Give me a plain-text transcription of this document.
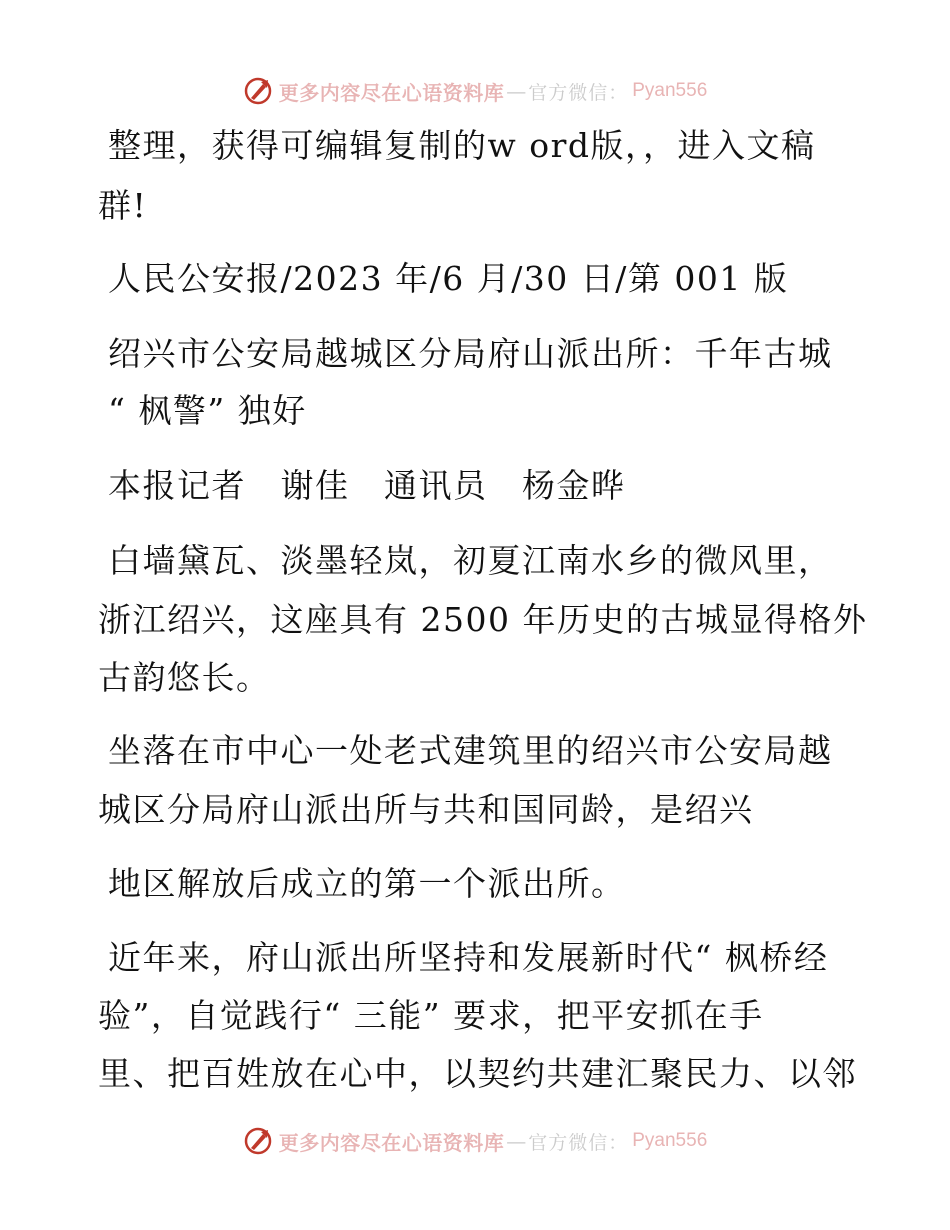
更多内容尽在心语资料库 — 官方微信： Pyan556
整理，获得可编辑复制的w ord版，，进入文稿
群!
人民公安报/2023 年/6 月/30 日/第 001 版
绍兴市公安局越城区分局府山派出所：千年古城
“ 枫警” 独好
本报记者　谢佳　通讯员　杨金晔
白墙黛瓦、淡墨轻岚，初夏江南水乡的微风里，
浙江绍兴，这座具有 2500 年历史的古城显得格外
古韵悠长。
坐落在市中心一处老式建筑里的绍兴市公安局越
城区分局府山派出所与共和国同龄，是绍兴
地区解放后成立的第一个派出所。
近年来，府山派出所坚持和发展新时代“ 枫桥经
验”，自觉践行“ 三能” 要求，把平安抓在手
里、把百姓放在心中，以契约共建汇聚民力、以邻
更多内容尽在心语资料库 — 官方微信： Pyan556
